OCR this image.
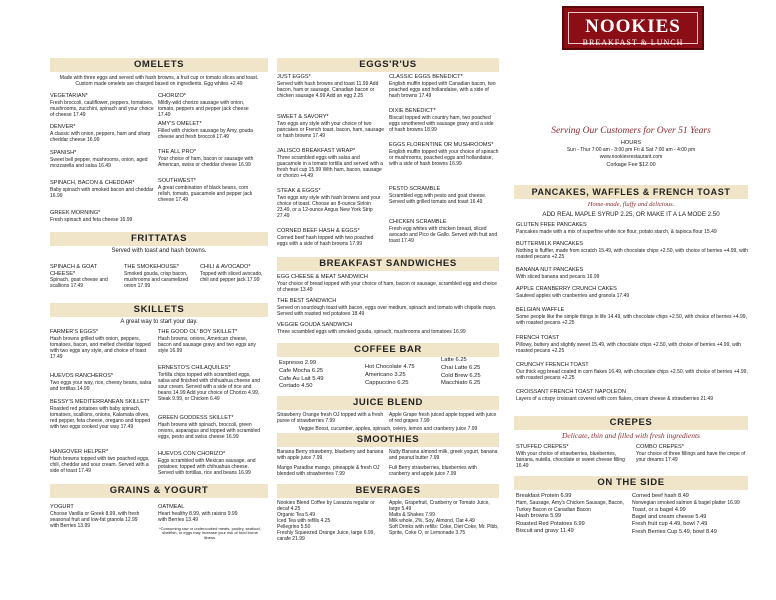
OMELETS
Made with three eggs and served with hash browns, a fruit cup or tomato slices and toast.
Custom made omelets are charged based on ingredients. Egg whites +2.49
VEGETARIAN*
Fresh broccoli, cauliflower, peppers, tomatoes, mushrooms, zucchini, spinach and your choice of cheese 17.49
DENVER*
A classic with onion, peppers, ham and sharp cheddar cheese 16.99
SPANISH*
Sweet bell pepper, mushrooms, onion, aged mozzarella and salsa 16.49
SPINACH, BACON & CHEDDAR*
Baby spinach with smoked bacon and cheddar 16.99
GREEK MORNING*
Fresh spinach and feta cheese 16.99
CHORIZO*
Mildly-wild chorizo sausage with onion, tomato, peppers and pepper jack cheese 17.49
AMY'S OMELET*
Filled with chicken sausage by Amy, gouda cheese and fresh broccoli 17.49
THE ALL PRO*
Your choice of ham, bacon or sausage with American, swiss or cheddar cheese 16.99
SOUTHWEST*
A great combination of black beans, corn relish, tomato, guacamole and pepper jack cheese 17.49
FRITTATAS
Served with toast and hash browns.
SPINACH & GOAT CHEESE*
Spinach, goat cheese and scallions 17.49
THE SMOKEHOUSE*
Smoked gouda, crisp bacon, mushrooms and caramelized onion 17.99
CHILI & AVOCADO*
Topped with sliced avocado, chili and pepper jack 17.99
SKILLETS
A great way to start your day.
FARMER'S EGGS*
Hash browns grilled with onion, peppers, tomatoes, bacon, and melted cheddar topped with two eggs any style, and choice of toast 17.49
HUEVOS RANCHEROS*
Two eggs your way, rice, cheesy beans, salsa and tortillas 14.99
BESSY'S MEDITERRANEAN SKILLET*
Roasted red potatoes with baby spinach, tomatoes, scallions, onions, Kalamata olives, red pepper, feta cheese, oregano and topped with two eggs cooked your way 17.49
HANGOVER HELPER*
Hash browns topped with two poached eggs, chili, cheddar and sour cream. Served with a side of toast 17.49
THE GOOD OL' BOY SKILLET*
Hash browns, onions, American cheese, bacon and sausage gravy and two eggs any style 16.99
ERNESTO'S CHILAQUILES*
Tortilla chips topped with scrambled eggs, salsa and finished with chihuahua cheese and sour cream. Served with a side of rice and beans 14.99 Add your choice of Chorizo 4.99, Steak 9.99, or Chicken 6.49
GREEN GODDESS SKILLET*
Hash browns with spinach, broccoli, green onions, asparagus and topped with scrambled eggs, pesto and swiss cheese 16.99
HUEVOS CON CHORIZO*
Eggs scrambled with Mexican sausage, and potatoes; topped with chihuahua cheese. Served with tortillas, rice and beans 16.99
GRAINS & YOGURT
YOGURT
Choose Vanilla or Greek 8.99, with fresh seasonal fruit and low-fat granola 12.99
with Berries 13.99
OATMEAL
Heart healthy 8.99, with raisins 9.99
with Berries 13.49
*Consuming raw or undercooked meats, poultry, seafood, shellfish, or eggs may increase your risk of food borne illness.
EGGS'R'US
JUST EGGS*
Served with hash browns and toast 11.99 Add bacon, ham or sausage, Canadian bacon or chicken sausage 4.99 Add an egg 2.25
SWEET & SAVORY*
Two eggs any style with your choice of two pancakes or French toast, bacon, ham, sausage or hash browns 17.49
JALISCO BREAKFAST WRAP*
Three scrambled eggs with salsa and guacamole in a tomato tortilla and served with a fresh fruit cup 15.99 With ham, bacon, sausage or chorizo +4.49
STEAK & EGGS*
Two eggs any style with hash browns and your choice of toast. Choose an 8-ounce Sirloin 23.49, or a 12-ounce Angus New York Strip 27.49
CORNED BEEF HASH & EGGS*
Corned beef hash topped with two poached eggs with a side of hash browns 17.99
CLASSIC EGGS BENEDICT*
English muffin topped with Canadian bacon, two poached eggs and hollandaise, with a side of hash browns 17.49
DIXIE BENEDICT*
Biscuit topped with country ham, two poached eggs smothered with sausage gravy and a side of hash browns 18.99
EGGS FLORENTINE OR MUSHROOMS*
English muffin topped with your choice of spinach or mushrooms, poached eggs and hollandaise, with a side of hash browns 16.99
PESTO SCRAMBLE
Scrambled egg with pesto and goat cheese. Served with grilled tomato and toast 16.49
CHICKEN SCRAMBLE
Fresh egg whites with chicken breast, sliced avocado and Pico de Gallo. Served with fruit and toast 17.49
BREAKFAST SANDWICHES
EGG CHEESE & MEAT SANDWICH
Your choice of bread topped with your choice of ham, bacon or sausage, scrambled egg and choice of cheese 13.49
THE BEST SANDWICH
Served on sourdough toast with bacon, eggs over medium, spinach and tomato with chipotle mayo. Served with roasted red potatoes 18.49
VEGGIE GOUDA SANDWICH
Three scrambled eggs with smoked gouda, spinach, mushrooms and tomatoes 16.99
COFFEE BAR
Espresso 2.99
Cafe Mocha 6.25
Cafe Au Lait 5.49
Cortado 4.50
Hot Chocolate 4.75
Americano 3.25
Cappuccino 6.25
Latte 6.25
Chai Latte 6.25
Cold Brew 6.25
Macchiato 6.25
JUICE BLEND
Strawberry Orange fresh OJ topped with a fresh puree of strawberries 7.99
Apple Grape fresh juiced apple topped with juice of red grapes 7.99
Veggie Boost, cucumber, apples, spinach, celery, lemon and cranberry juice 7.99
SMOOTHIES
Banana Berry strawberry, blueberry and banana with apple juice 7.99
Mango Paradise mango, pineapple & fresh OJ blended with strawberries 7.99
Nutty Banana almond milk, greek yogurt, banana and peanut butter 7.99
Full Berry strawberries, blueberries with cranberry and apple juice 7.99
BEVERAGES
Nookies Blend Coffee by Lavazza regular or decaf 4.25
Organic Tea 5.49
Iced Tea with refills 4.25
Pellegrino 5.50
Freshly Squeezed Orange Juice, large 6.99, carafe 21.99
Apple, Grapefruit, Cranberry or Tomato Juice, large 5.49
Malts & Shakes 7.99
Milk whole, 2%, Soy, Almond, Oat 4.49
Soft Drinks with refills: Coke, Diet Coke, Mr. Pibb, Sprite, Coke O, or Lemonade 3.75
NOOKIES
BREAKFAST & LUNCH
Serving Our Customers for Over 51 Years
HOURS
Sun - Thur 7:00 am - 3:00 pm Fri & Sat 7:00 am - 4:00 pm
www.nookiesrestaurant.com
Corkage Fee $12.00
PANCAKES, WAFFLES & FRENCH TOAST
Home-made, fluffy and delicious.
ADD REAL MAPLE SYRUP 2.25, OR MAKE IT A LA MODE 2.50
GLUTEN FREE PANCAKES
Pancakes made with a mix of superfine white rice flour, potato starch, & tapioca flour 15.49
BUTTERMILK PANCAKES
Nothing is fluffier, made from scratch 15.49, with chocolate chips +2.50, with choice of berries +4.99, with roasted pecans +2.25
BANANA NUT PANCAKES
With sliced banana and pecans 16.99
APPLE CRANBERRY CRUNCH CAKES
Sauteed apples with cranberries and granola 17.49
BELGIAN WAFFLE
Some people like the simple things in life 14.49, with chocolate chips +2.50, with choice of berries +4.99, with roasted pecans +2.25
FRENCH TOAST
Pillowy, buttery and slightly sweet 15.49, with chocolate chips +2.50, with choice of berries +4.99, with roasted pecans +2.25
CRUNCHY FRENCH TOAST
Our thick egg bread coated in corn flakes 16.49, with chocolate chips +2.50, with choice of berries +4.99, with roasted pecans +2.25
CROISSANT FRENCH TOAST NAPOLEON
Layers of a crispy croissant covered with corn flakes, cream cheese & strawberries 21.49
CREPES
Delicate, thin and filled with fresh ingredients
STUFFED CREPES*
With your choice of strawberries, blueberries, banana, nutella, chocolate or sweet cheese filling 16.49
COMBO CREPES*
Your choice of three fillings and have the crepe of your dreams 17.49
ON THE SIDE
Breakfast Protein 6.99
Ham, Sausage, Amy's Chicken Sausage, Bacon, Turkey Bacon or Canadian Bacon
Hash browns 5.99
Roasted Red Potatoes 6.99
Biscuit and gravy 11.49
Corned beef hash 8.49
Norwegian smoked salmon & bagel platter 16.99
Toast, or a bagel 4.99
Bagel and cream cheese 5.49
Fresh fruit cup 4.49, bowl 7.49
Fresh Berries Cup 5.49, bowl 8.49
